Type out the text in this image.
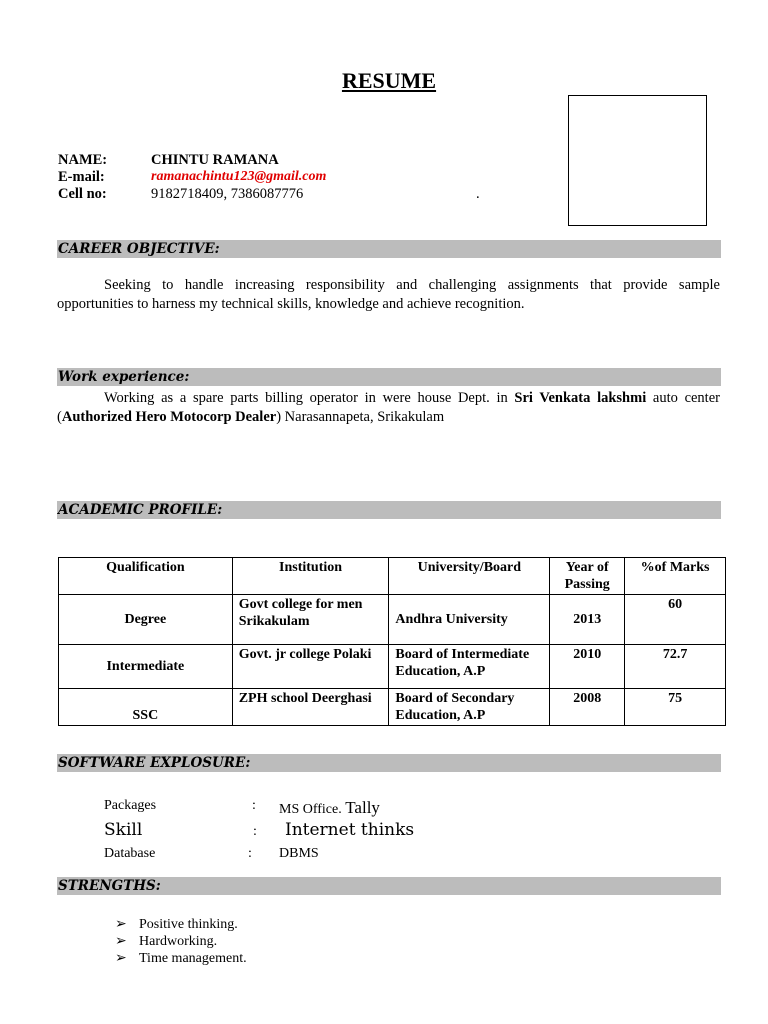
RESUME
NAME:	CHINTU RAMANA
E-mail:	ramanachintu123@gmail.com
Cell no:	9182718409, 7386087776	.
CAREER OBJECTIVE:
Seeking to handle increasing responsibility and challenging assignments that provide sample opportunities to harness my technical skills, knowledge and achieve recognition.
Work experience:
Working as a spare parts billing operator in were house Dept. in Sri Venkata lakshmi auto center (Authorized Hero Motocorp Dealer) Narasannapeta, Srikakulam
ACADEMIC PROFILE:
Qualification	Institution	University/Board	Year of Passing	%of Marks
Degree	Govt college for men Srikakulam	Andhra University	2013	60
Intermediate	Govt. jr college Polaki	Board of Intermediate Education, A.P	2010	72.7
SSC	ZPH school Deerghasi	Board of Secondary Education, A.P	2008	75
SOFTWARE EXPLOSURE:
Packages	: MS Office. Tally
Skill	: Internet thinks
Database	: DBMS
STRENGTHS:
➢ Positive thinking.
➢ Hardworking.
➢ Time management.
